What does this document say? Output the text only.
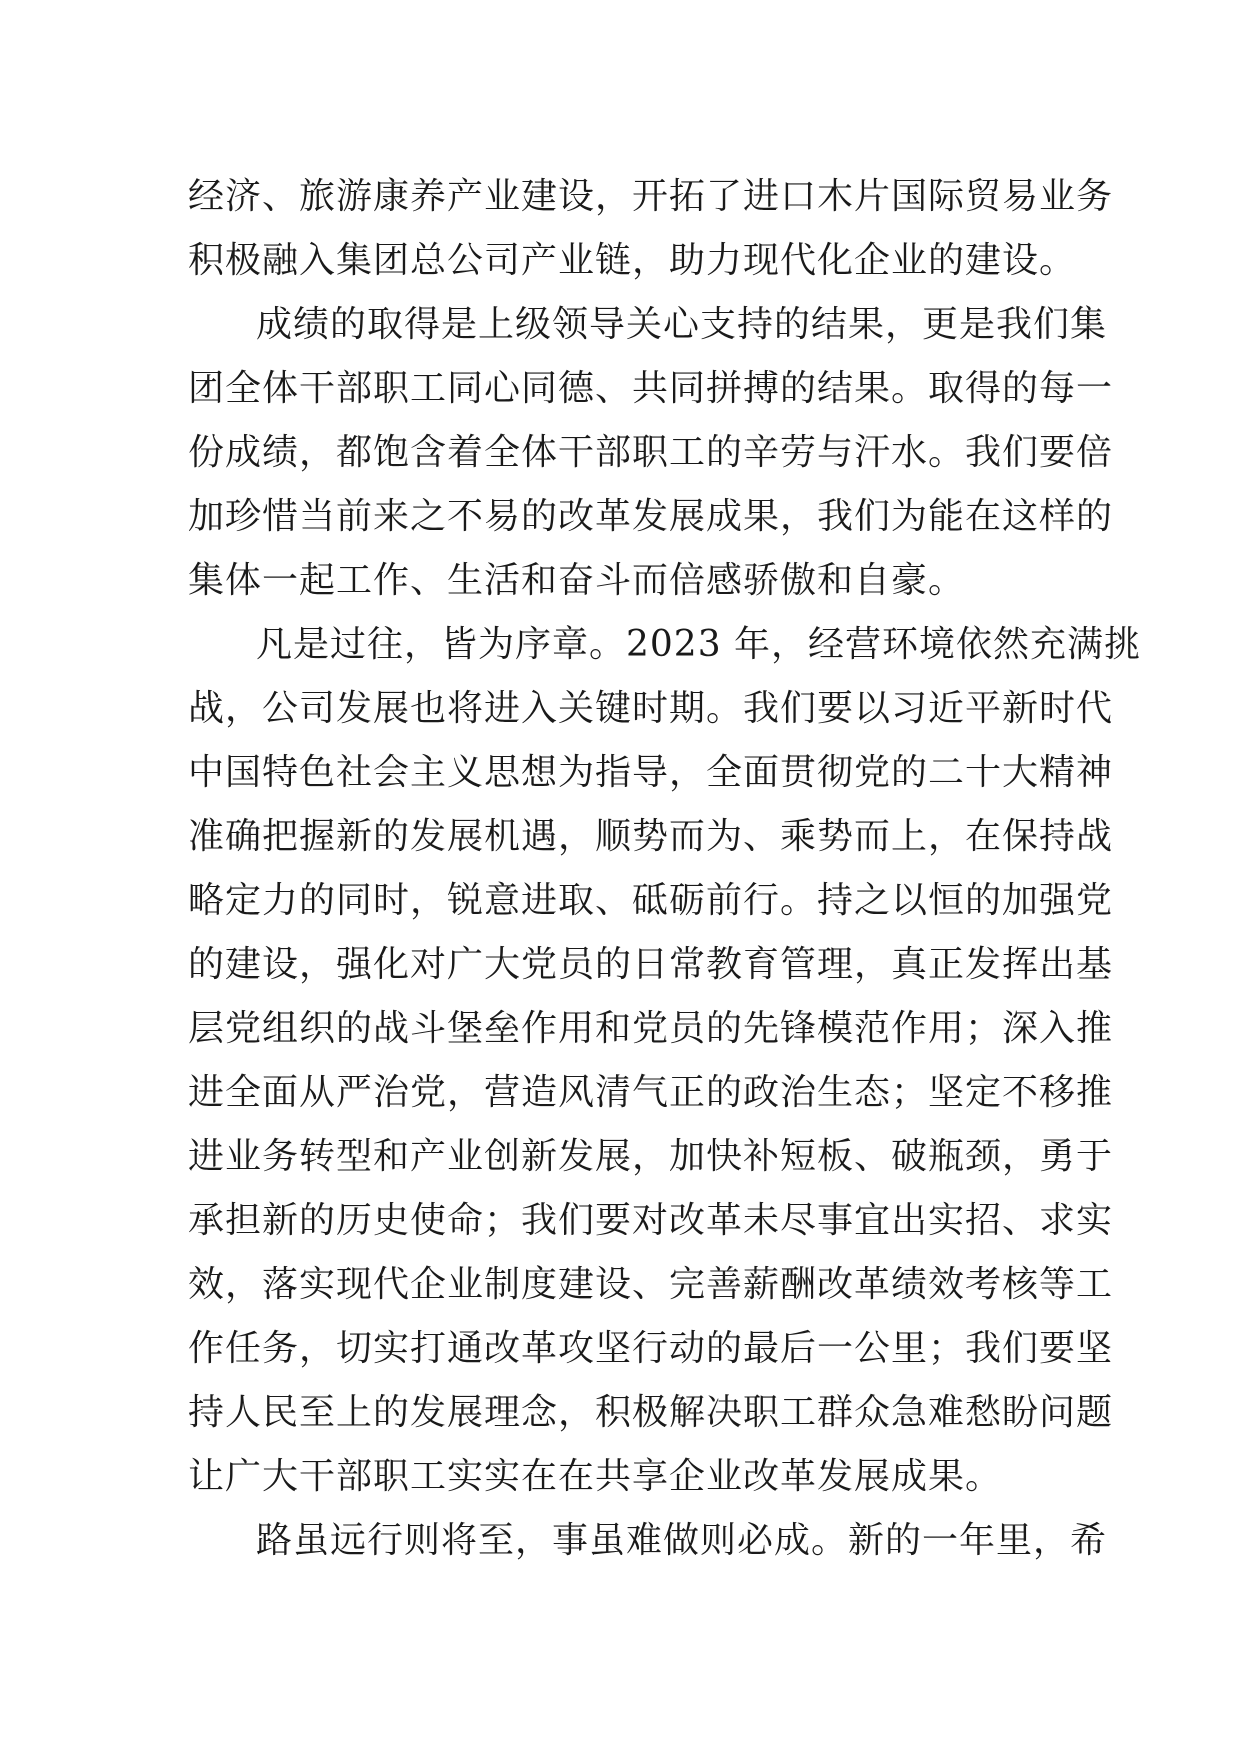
经济、旅游康养产业建设，开拓了进口木片国际贸易业务
积极融入集团总公司产业链，助力现代化企业的建设。
成绩的取得是上级领导关心支持的结果，更是我们集
团全体干部职工同心同德、共同拼搏的结果。取得的每一
份成绩，都饱含着全体干部职工的辛劳与汗水。我们要倍
加珍惜当前来之不易的改革发展成果，我们为能在这样的
集体一起工作、生活和奋斗而倍感骄傲和自豪。
凡是过往，皆为序章。2023 年，经营环境依然充满挑
战，公司发展也将进入关键时期。我们要以习近平新时代
中国特色社会主义思想为指导，全面贯彻党的二十大精神
准确把握新的发展机遇，顺势而为、乘势而上，在保持战
略定力的同时，锐意进取、砥砺前行。持之以恒的加强党
的建设，强化对广大党员的日常教育管理，真正发挥出基
层党组织的战斗堡垒作用和党员的先锋模范作用；深入推
进全面从严治党，营造风清气正的政治生态；坚定不移推
进业务转型和产业创新发展，加快补短板、破瓶颈，勇于
承担新的历史使命；我们要对改革未尽事宜出实招、求实
效，落实现代企业制度建设、完善薪酬改革绩效考核等工
作任务，切实打通改革攻坚行动的最后一公里；我们要坚
持人民至上的发展理念，积极解决职工群众急难愁盼问题
让广大干部职工实实在在共享企业改革发展成果。
路虽远行则将至，事虽难做则必成。新的一年里，希
